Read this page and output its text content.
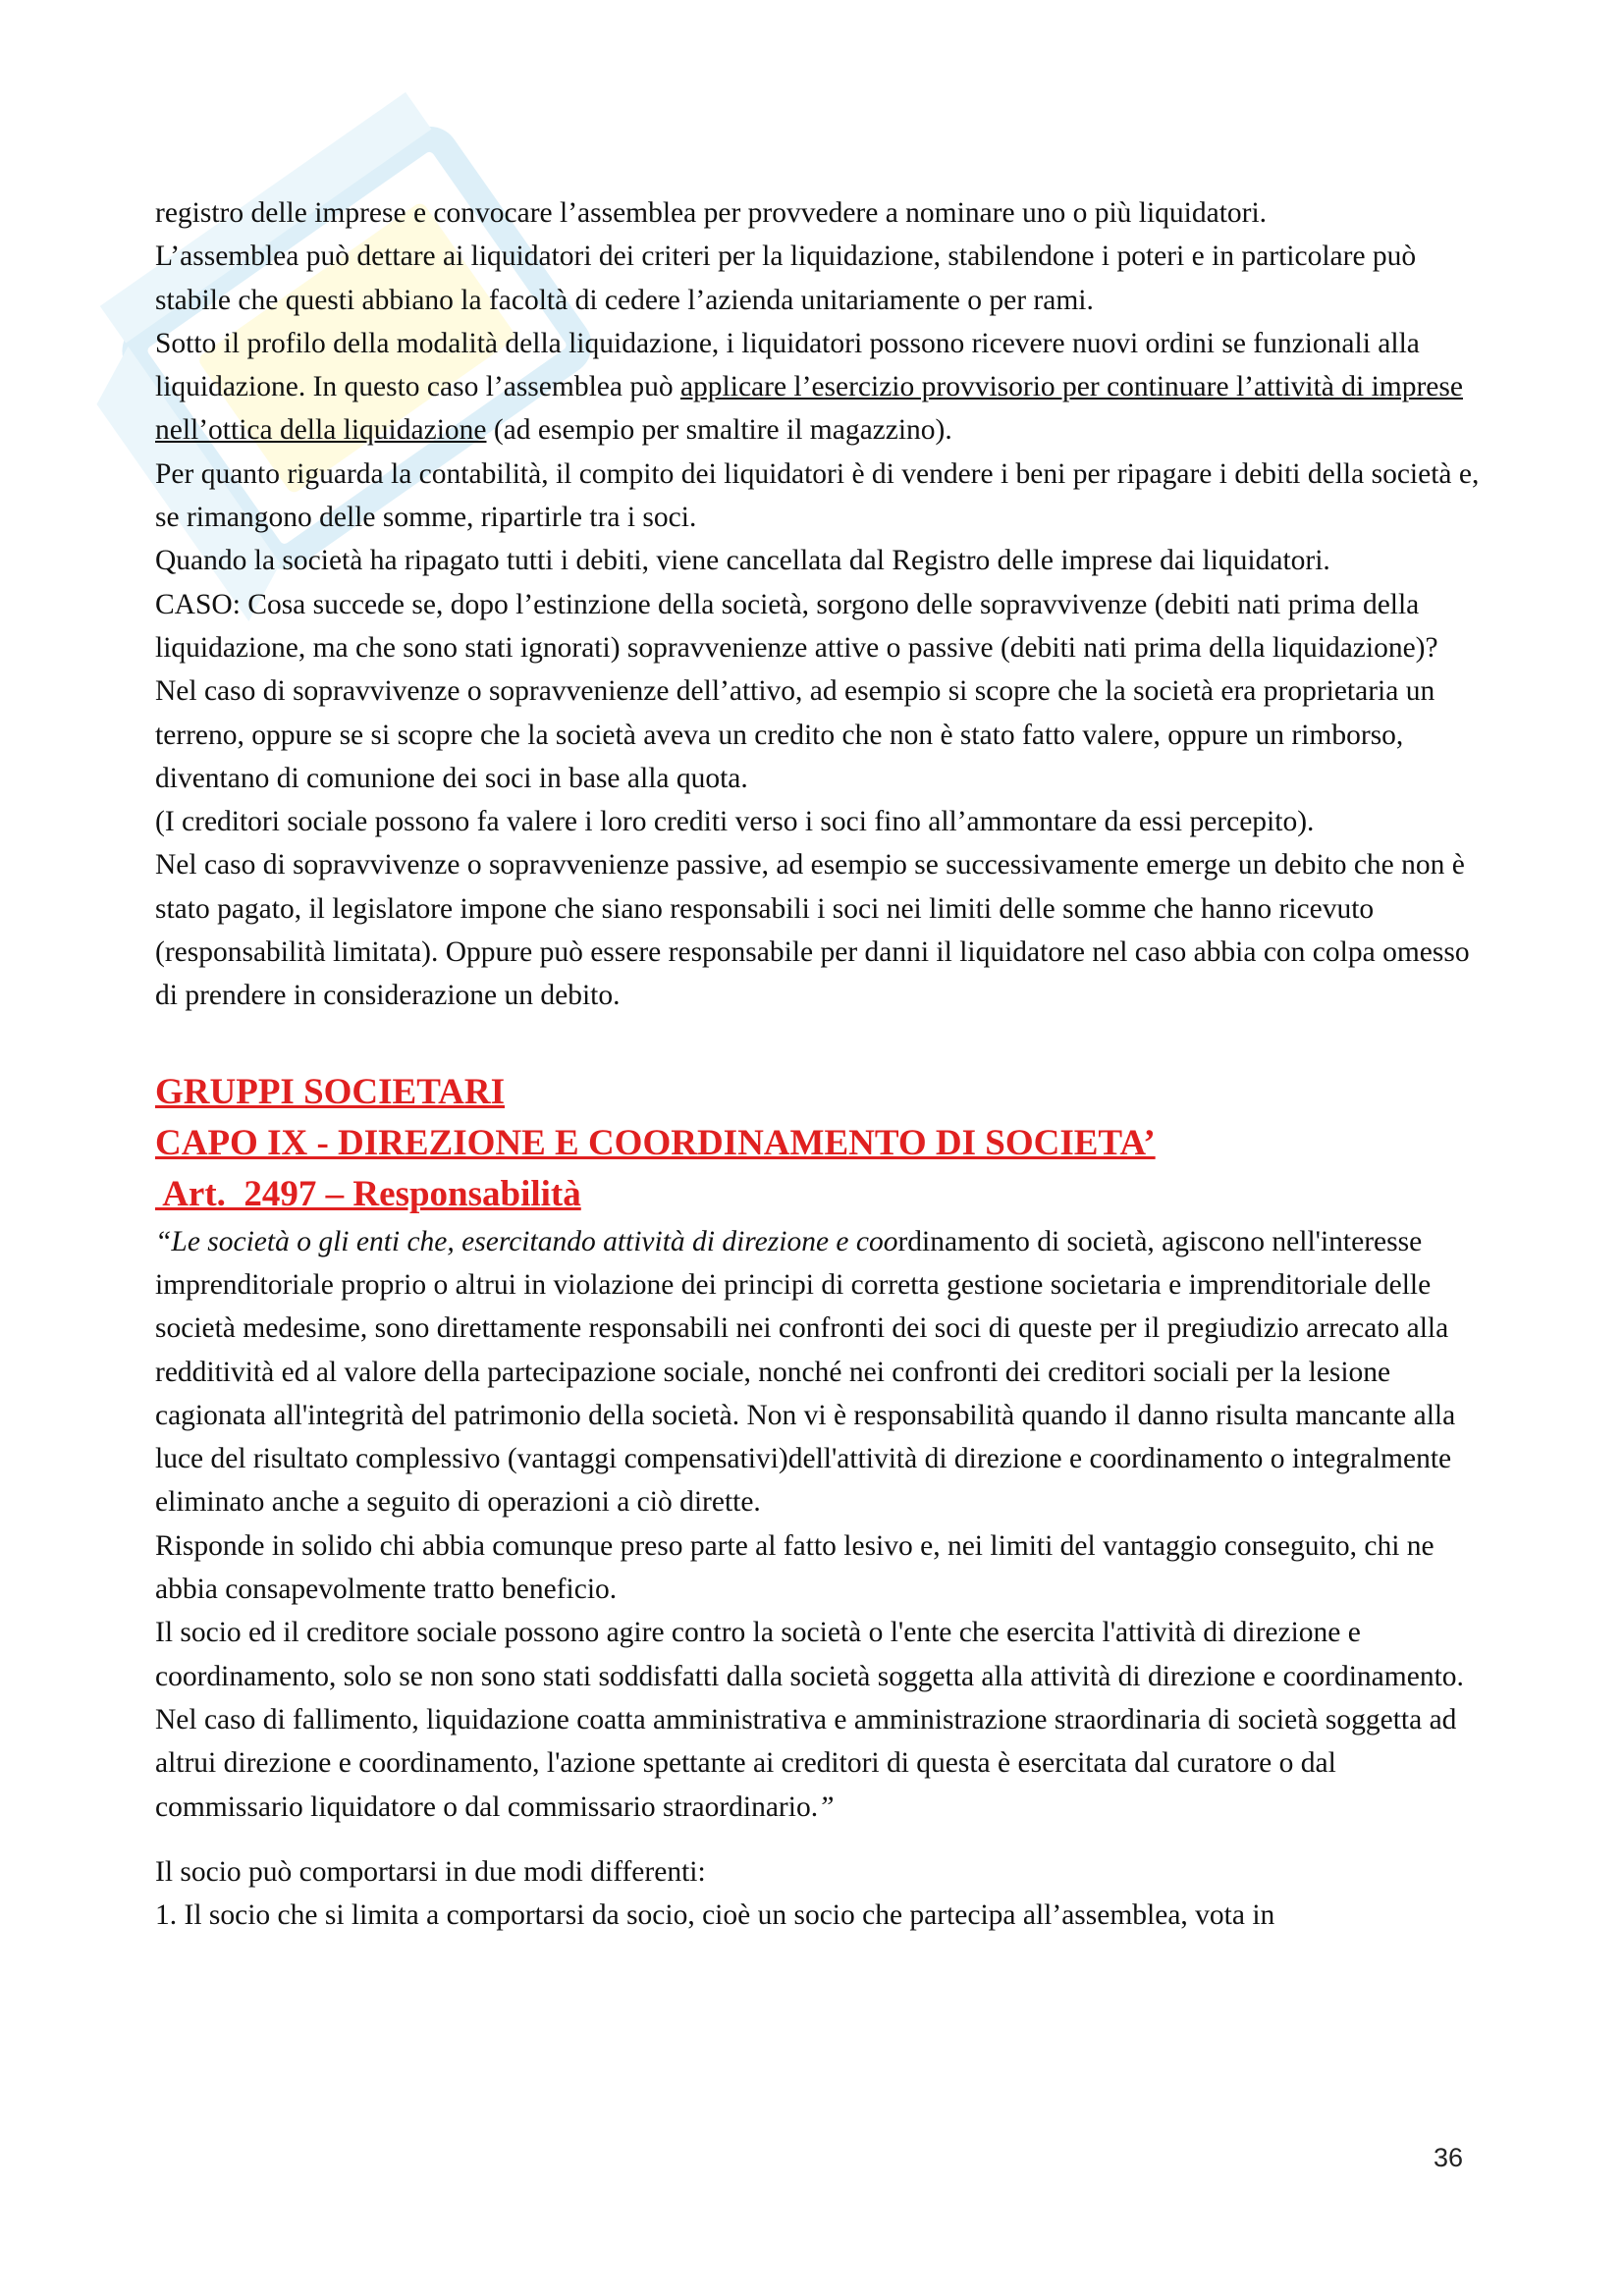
registro delle imprese e convocare l’assemblea per provvedere a nominare uno o più liquidatori.

L’assemblea può dettare ai liquidatori dei criteri per la liquidazione, stabilendone i poteri e in particolare può stabile che questi abbiano la facoltà di cedere l’azienda unitariamente o per rami.

Sotto il profilo della modalità della liquidazione, i liquidatori possono ricevere nuovi ordini se funzionali alla liquidazione. In questo caso l’assemblea può applicare l’esercizio provvisorio per continuare l’attività di imprese nell’ottica della liquidazione (ad esempio per smaltire il magazzino).

Per quanto riguarda la contabilità, il compito dei liquidatori è di vendere i beni per ripagare i debiti della società e, se rimangono delle somme, ripartirle tra i soci.

Quando la società ha ripagato tutti i debiti, viene cancellata dal Registro delle imprese dai liquidatori.

CASO: Cosa succede se, dopo l’estinzione della società, sorgono delle sopravvivenze (debiti nati prima della liquidazione, ma che sono stati ignorati) sopravvenienze attive o passive (debiti nati prima della liquidazione)?

Nel caso di sopravvivenze o sopravvenienze dell’attivo, ad esempio si scopre che la società era proprietaria un terreno, oppure se si scopre che la società aveva un credito che non è stato fatto valere, oppure un rimborso, diventano di comunione dei soci in base alla quota.

(I creditori sociale possono fa valere i loro crediti verso i soci fino all’ammontare da essi percepito).

Nel caso di sopravvivenze o sopravvenienze passive, ad esempio se successivamente emerge un debito che non è stato pagato, il legislatore impone che siano responsabili i soci nei limiti delle somme che hanno ricevuto (responsabilità limitata). Oppure può essere responsabile per danni il liquidatore nel caso abbia con colpa omesso di prendere in considerazione un debito.

GRUPPI SOCIETARI

CAPO IX - DIREZIONE E COORDINAMENTO DI SOCIETA’

Art.  2497 – Responsabilità

“Le società o gli enti che, esercitando attività di direzione e coordinamento di società, agiscono nell'interesse imprenditoriale proprio o altrui in violazione dei principi di corretta gestione societaria e imprenditoriale delle società medesime, sono direttamente responsabili nei confronti dei soci di queste per il pregiudizio arrecato alla redditività ed al valore della partecipazione sociale, nonché nei confronti dei creditori sociali per la lesione cagionata all'integrità del patrimonio della società. Non vi è responsabilità quando il danno risulta mancante alla luce del risultato complessivo (vantaggi compensativi)dell'attività di direzione e coordinamento o integralmente eliminato anche a seguito di operazioni a ciò dirette.

Risponde in solido chi abbia comunque preso parte al fatto lesivo e, nei limiti del vantaggio conseguito, chi ne abbia consapevolmente tratto beneficio.

Il socio ed il creditore sociale possono agire contro la società o l'ente che esercita l'attività di direzione e coordinamento, solo se non sono stati soddisfatti dalla società soggetta alla attività di direzione e coordinamento.

Nel caso di fallimento, liquidazione coatta amministrativa e amministrazione straordinaria di società soggetta ad altrui direzione e coordinamento, l'azione spettante ai creditori di questa è esercitata dal curatore o dal commissario liquidatore o dal commissario straordinario.”

Il socio può comportarsi in due modi differenti:

1. Il socio che si limita a comportarsi da socio, cioè un socio che partecipa all’assemblea, vota in

36
